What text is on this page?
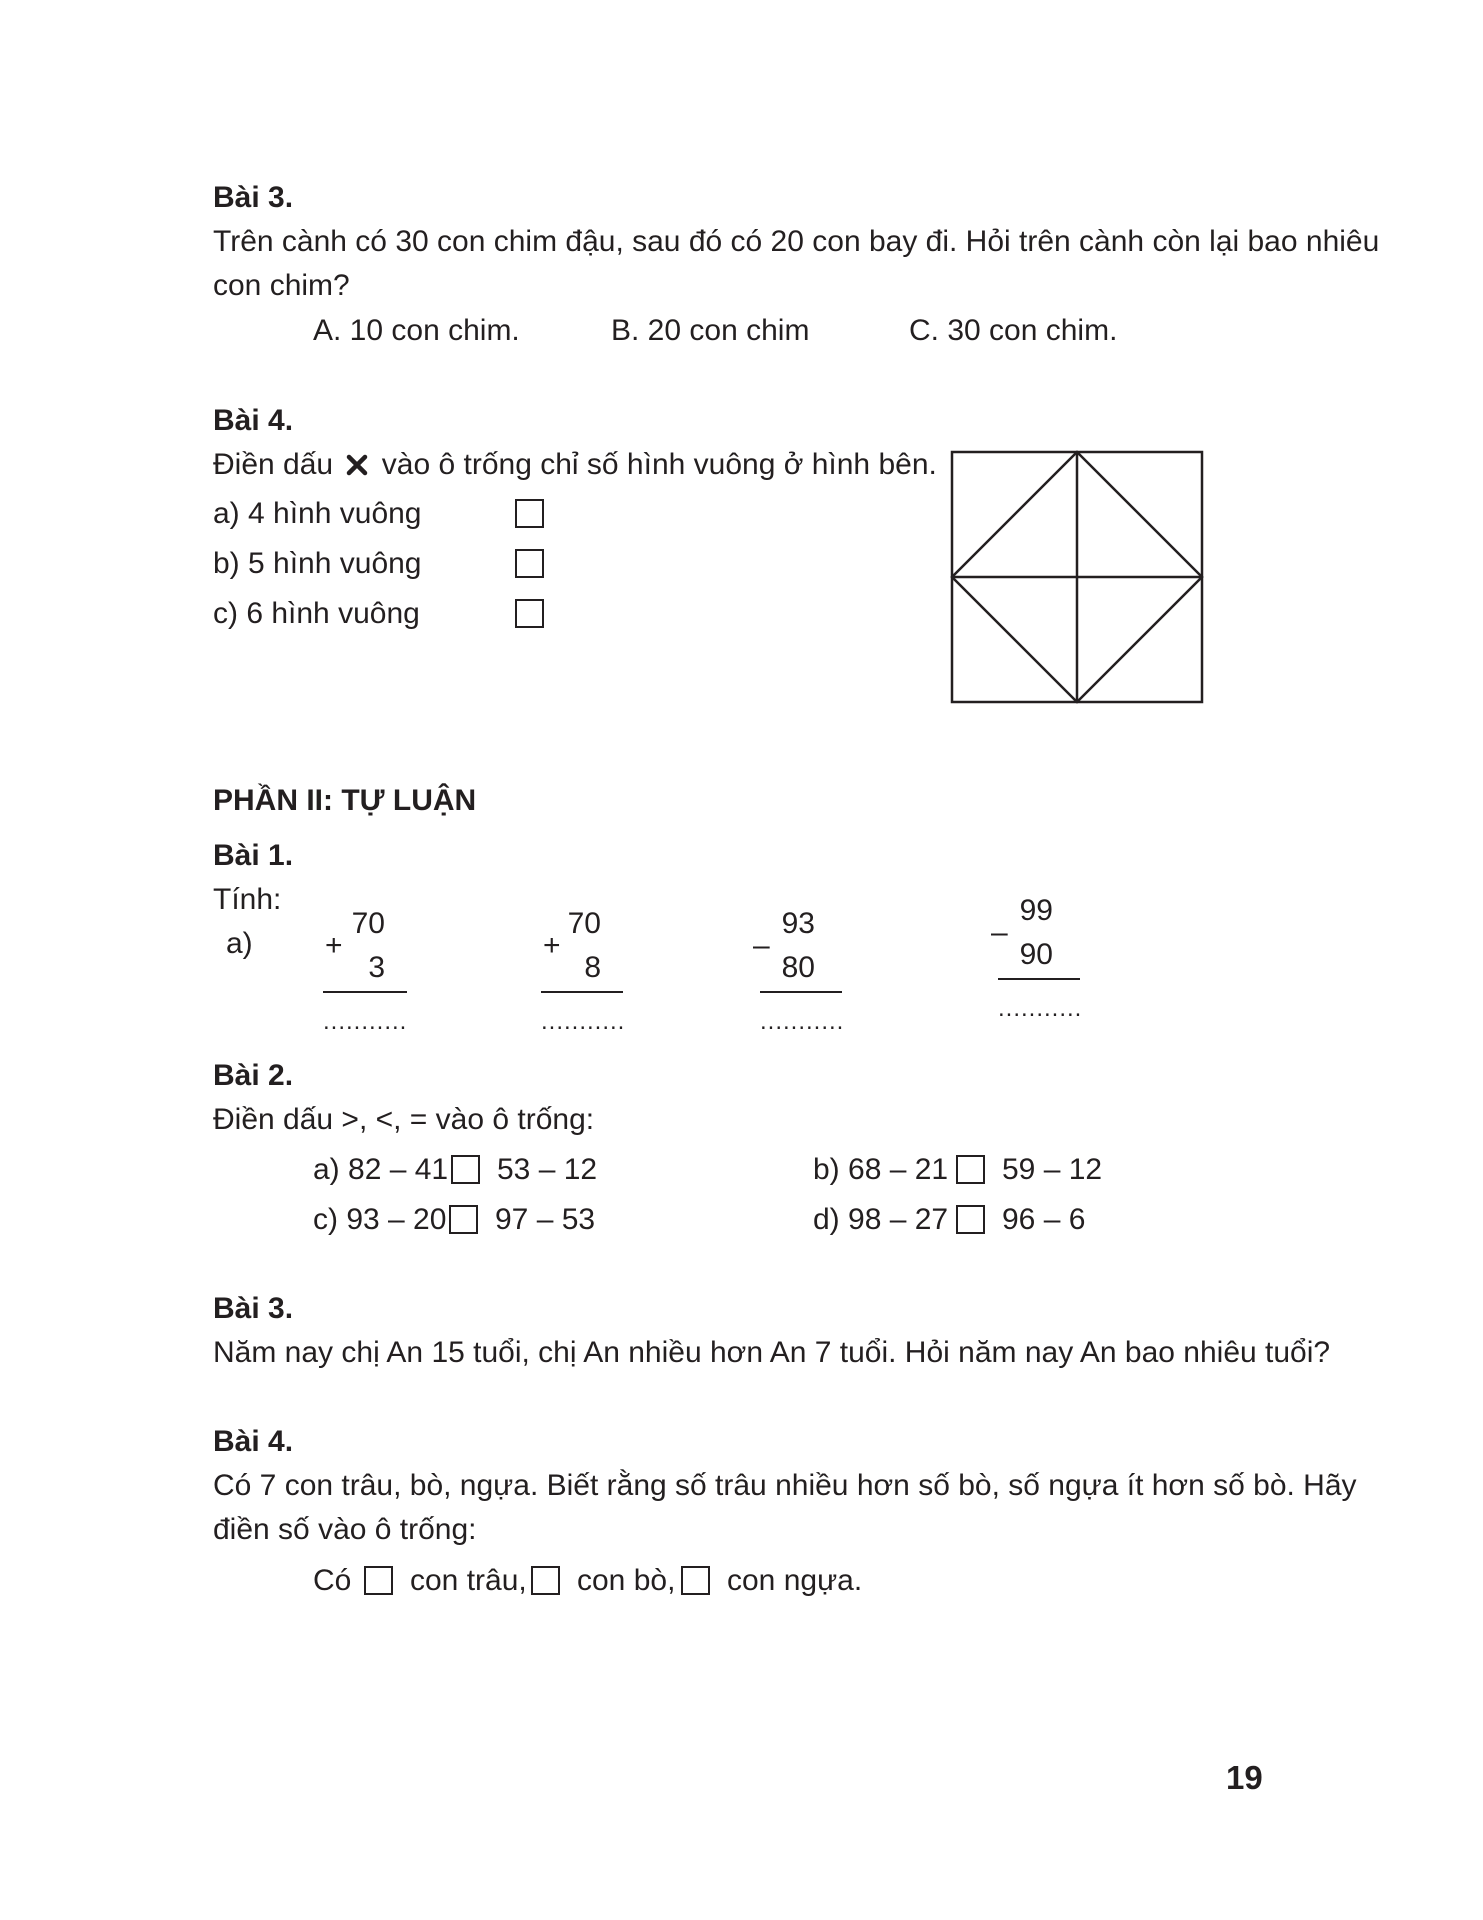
Bài 3.
Trên cành có 30 con chim đậu, sau đó có 20 con bay đi. Hỏi trên cành còn lại bao nhiêu
con chim?
A. 10 con chim.	B. 20 con chim	C. 30 con chim.
Bài 4.
Điền dấu vào ô trống chỉ số hình vuông ở hình bên.
a) 4 hình vuông
b) 5 hình vuông
c) 6 hình vuông
PHẦN II: TỰ LUẬN
Bài 1.
Tính:
a) +
70
3
...........
+
70
8
...........
–
93
80
...........
–
99
90
...........
Bài 2.
Điền dấu >, <, = vào ô trống:
a) 82 – 41 53 – 12	b) 68 – 21 59 – 12
c) 93 – 20 97 – 53	d) 98 – 27 96 – 6
Bài 3.
Năm nay chị An 15 tuổi, chị An nhiều hơn An 7 tuổi. Hỏi năm nay An bao nhiêu tuổi?
Bài 4.
Có 7 con trâu, bò, ngựa. Biết rằng số trâu nhiều hơn số bò, số ngựa ít hơn số bò. Hãy
điền số vào ô trống:
Có con trâu, con bò, con ngựa.
19
